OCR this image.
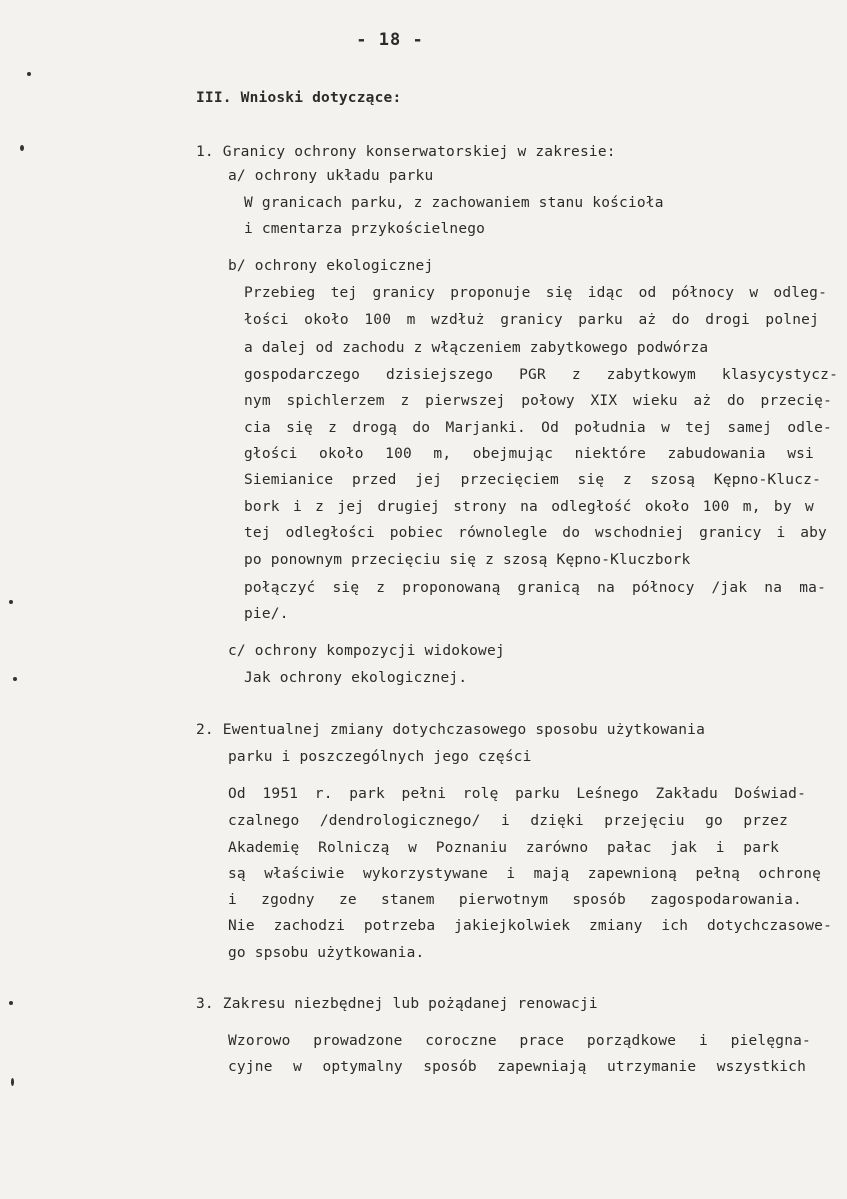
- 18 -
III. Wnioski dotyczące:
1. Granicy ochrony konserwatorskiej w zakresie:
a/ ochrony układu parku
W granicach parku, z zachowaniem stanu kościoła
i cmentarza przykościelnego
b/ ochrony ekologicznej
Przebieg tej granicy proponuje się idąc od północy w odleg-
łości około 100 m wzdłuż granicy parku aż do drogi polnej
a dalej od zachodu z włączeniem zabytkowego podwórza
gospodarczego dzisiejszego PGR z zabytkowym klasycystycz-
nym spichlerzem z pierwszej połowy XIX wieku aż do przecię-
cia się z drogą do Marjanki. Od południa w tej samej odle-
głości około 100 m, obejmując niektóre zabudowania wsi
Siemianice przed jej przecięciem się z szosą Kępno-Klucz-
bork i z jej drugiej strony na odległość około 100 m, by w
tej odległości pobiec równolegle do wschodniej granicy i aby
po ponownym przecięciu się z szosą Kępno-Kluczbork
połączyć się z proponowaną granicą na północy /jak na ma-
pie/.
c/ ochrony kompozycji widokowej
Jak ochrony ekologicznej.
2. Ewentualnej zmiany dotychczasowego sposobu użytkowania
parku i poszczególnych jego części
Od 1951 r. park pełni rolę parku Leśnego Zakładu Doświad-
czalnego /dendrologicznego/ i dzięki przejęciu go przez
Akademię Rolniczą w Poznaniu zarówno pałac jak i park
są właściwie wykorzystywane i mają zapewnioną pełną ochronę
i zgodny ze stanem pierwotnym sposób zagospodarowania.
Nie zachodzi potrzeba jakiejkolwiek zmiany ich dotychczasowe-
go spsobu użytkowania.
3. Zakresu niezbędnej lub pożądanej renowacji
Wzorowo prowadzone coroczne prace porządkowe i pielęgna-
cyjne w optymalny sposób zapewniają utrzymanie wszystkich
